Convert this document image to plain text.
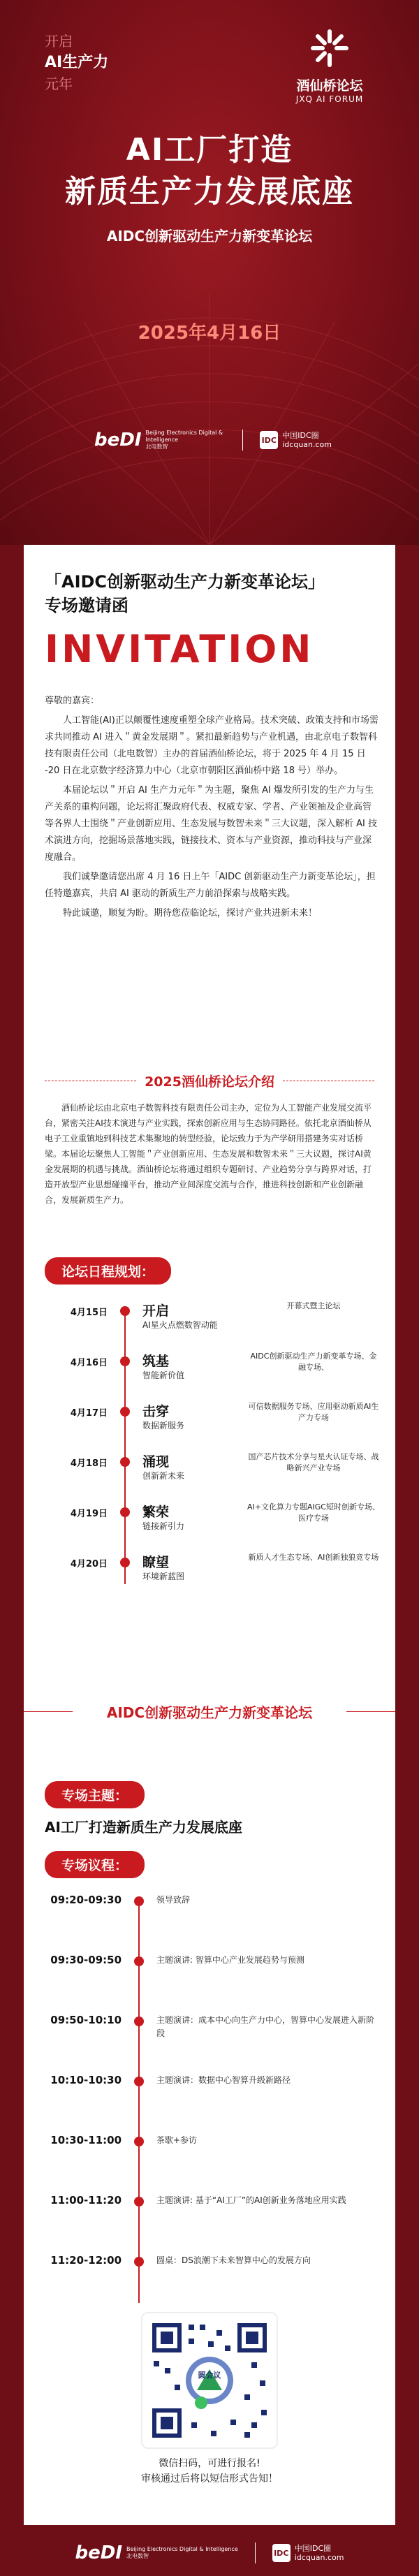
开启
AI生产力
元年	酒仙桥论坛
JXQ AI FORUM
AI工厂打造
新质生产力发展底座
AIDC创新驱动生产力新变革论坛
2025年4月16日
beDI Beijing Electronics Digital & Intelligence
北电数智
IDC 中国IDC圈
idcquan.com
「AIDC创新驱动生产力新变革论坛」
专场邀请函
INVITATION

尊敬的嘉宾：

人工智能(AI)正以颠覆性速度重塑全球产业格局。技术突破、政策支持和市场需求共同推动 AI 进入＂黄金发展期＂。紧扣最新趋势与产业机遇，由北京电子数智科技有限责任公司（北电数智）主办的首届酒仙桥论坛，将于 2025 年 4 月 15 日 -20 日在北京数字经济算力中心（北京市朝阳区酒仙桥中路 18 号）举办。

本届论坛以＂开启 AI 生产力元年＂为主题，聚焦 AI 爆发所引发的生产力与生产关系的重构问题，论坛将汇聚政府代表、权威专家、学者、产业领袖及企业高管等各界人士围绕＂产业创新应用、生态发展与数智未来＂三大议题，深入解析 AI 技术演进方向，挖掘场景落地实践，链接技术、资本与产业资源，推动科技与产业深度融合。

我们诚挚邀请您出席 4 月 16 日上午「AIDC 创新驱动生产力新变革论坛」，担任特邀嘉宾，共启 AI 驱动的新质生产力前沿探索与战略实践。

特此诚邀，顺复为盼。期待您莅临论坛，探讨产业共进新未来！

2025酒仙桥论坛介绍
酒仙桥论坛由北京电子数智科技有限责任公司主办，定位为人工智能产业发展交流平台，紧密关注AI技术演进与产业实践，探索创新应用与生态协同路径。依托北京酒仙桥从电子工业重镇地到科技艺术集聚地的转型经验，论坛致力于为产学研用搭建务实对话桥梁。本届论坛聚焦人工智能＂产业创新应用、生态发展和数智未来＂三大议题，探讨AI黄金发展期的机遇与挑战。酒仙桥论坛将通过组织专题研讨、产业趋势分享与跨界对话，打造开放型产业思想碰撞平台，推动产业间深度交流与合作，推进科技创新和产业创新融合，发展新质生产力。
论坛日程规划：
4月15日	开启
AI星火点燃数智动能
开幕式暨主论坛
4月16日	筑基
智能新价值
AIDC创新驱动生产力新变革专场、金融专场、
4月17日	击穿
数据新服务
可信数据服务专场、应用驱动新质AI生产力专场
4月18日	涌现
创新新未来
国产芯片技术分享与星火认证专场、战略新兴产业专场
4月19日	繁荣
链接新引力
AI+文化算力专题AIGC短时创新专场、医疗专场
4月20日	瞭望
环境新蓝图
新质人才生态专场、AI创新独狼竞专场
AIDC创新驱动生产力新变革论坛
专场主题：
AI工厂打造新质生产力发展底座
专场议程：
09:20-09:30	领导致辞
09:30-09:50	主题演讲: 智算中心产业发展趋势与预测
09:50-10:10	主题演讲：成本中心向生产力中心，智算中心发展进入新阶段
10:10-10:30	主题演讲：数据中心智算升级新路径
10:30-11:00	茶歇+参访
11:00-11:20	主题演讲: 基于“AI工厂”的AI创新业务落地应用实践
11:20-12:00	圆桌：DS浪潮下未来智算中心的发展方向
圆会议
微信扫码，可进行报名!
审核通过后将以短信形式告知！
beDI Beijing Electronics Digital & Intelligence
北电数智	IDC 中国IDC圈
idcquan.com
